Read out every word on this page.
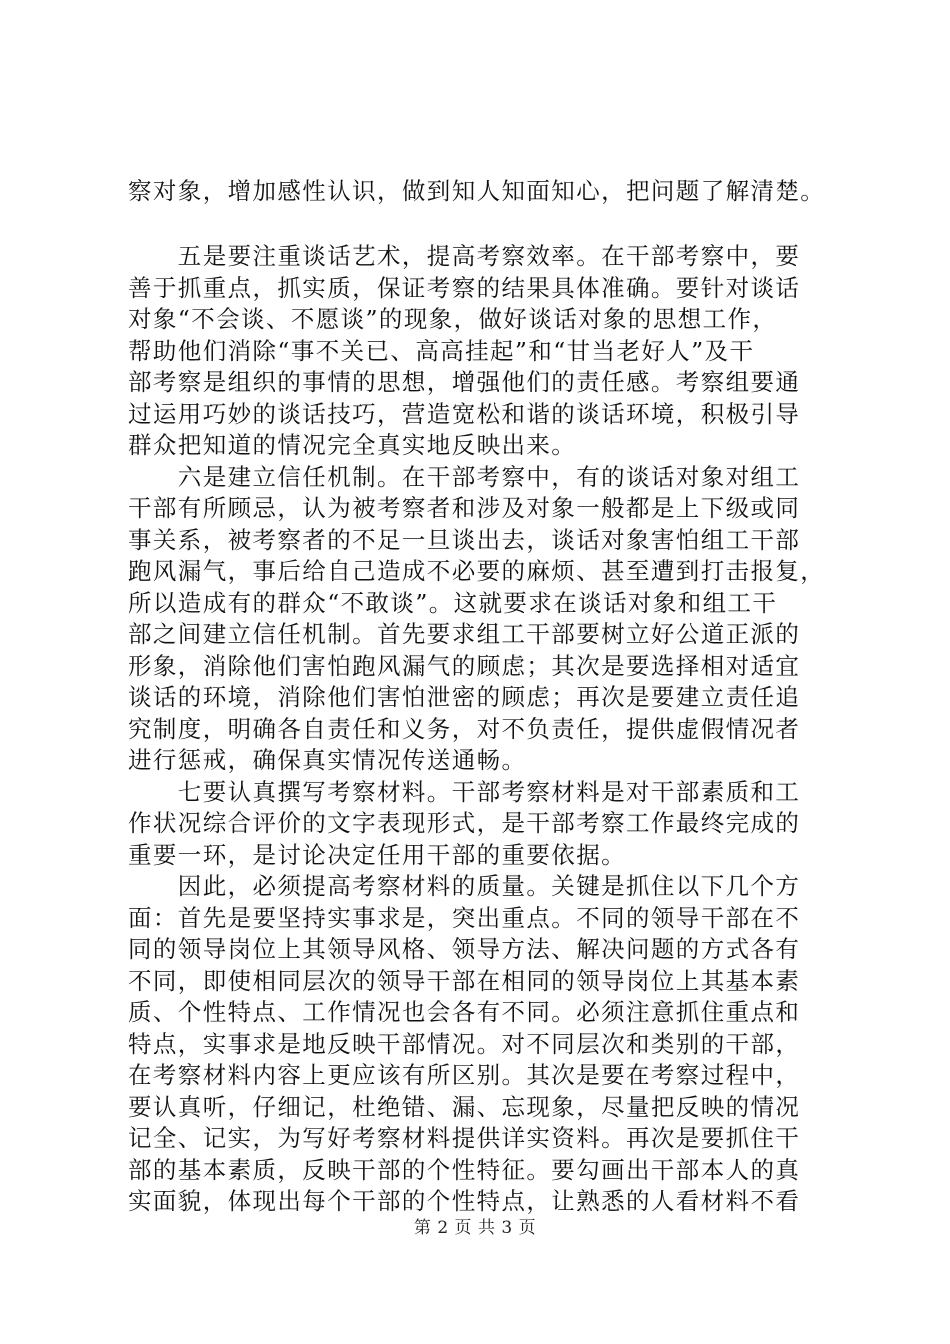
察对象，增加感性认识，做到知人知面知心，把问题了解清楚。
　　五是要注重谈话艺术，提高考察效率。在干部考察中，要
善于抓重点，抓实质，保证考察的结果具体准确。要针对谈话
对象“不会谈、不愿谈”的现象，做好谈话对象的思想工作，
帮助他们消除“事不关已、高高挂起”和“甘当老好人”及干
部考察是组织的事情的思想，增强他们的责任感。考察组要通
过运用巧妙的谈话技巧，营造宽松和谐的谈话环境，积极引导
群众把知道的情况完全真实地反映出来。
　　六是建立信任机制。在干部考察中，有的谈话对象对组工
干部有所顾忌，认为被考察者和涉及对象一般都是上下级或同
事关系，被考察者的不足一旦谈出去，谈话对象害怕组工干部
跑风漏气，事后给自己造成不必要的麻烦、甚至遭到打击报复，
所以造成有的群众“不敢谈”。这就要求在谈话对象和组工干
部之间建立信任机制。首先要求组工干部要树立好公道正派的
形象，消除他们害怕跑风漏气的顾虑；其次是要选择相对适宜
谈话的环境，消除他们害怕泄密的顾虑；再次是要建立责任追
究制度，明确各自责任和义务，对不负责任，提供虚假情况者
进行惩戒，确保真实情况传送通畅。
　　七要认真撰写考察材料。干部考察材料是对干部素质和工
作状况综合评价的文字表现形式，是干部考察工作最终完成的
重要一环，是讨论决定任用干部的重要依据。
　　因此，必须提高考察材料的质量。关键是抓住以下几个方
面：首先是要坚持实事求是，突出重点。不同的领导干部在不
同的领导岗位上其领导风格、领导方法、解决问题的方式各有
不同，即使相同层次的领导干部在相同的领导岗位上其基本素
质、个性特点、工作情况也会各有不同。必须注意抓住重点和
特点，实事求是地反映干部情况。对不同层次和类别的干部，
在考察材料内容上更应该有所区别。其次是要在考察过程中，
要认真听，仔细记，杜绝错、漏、忘现象，尽量把反映的情况
记全、记实，为写好考察材料提供详实资料。再次是要抓住干
部的基本素质，反映干部的个性特征。要勾画出干部本人的真
实面貌，体现出每个干部的个性特点，让熟悉的人看材料不看
第 2 页 共 3 页
